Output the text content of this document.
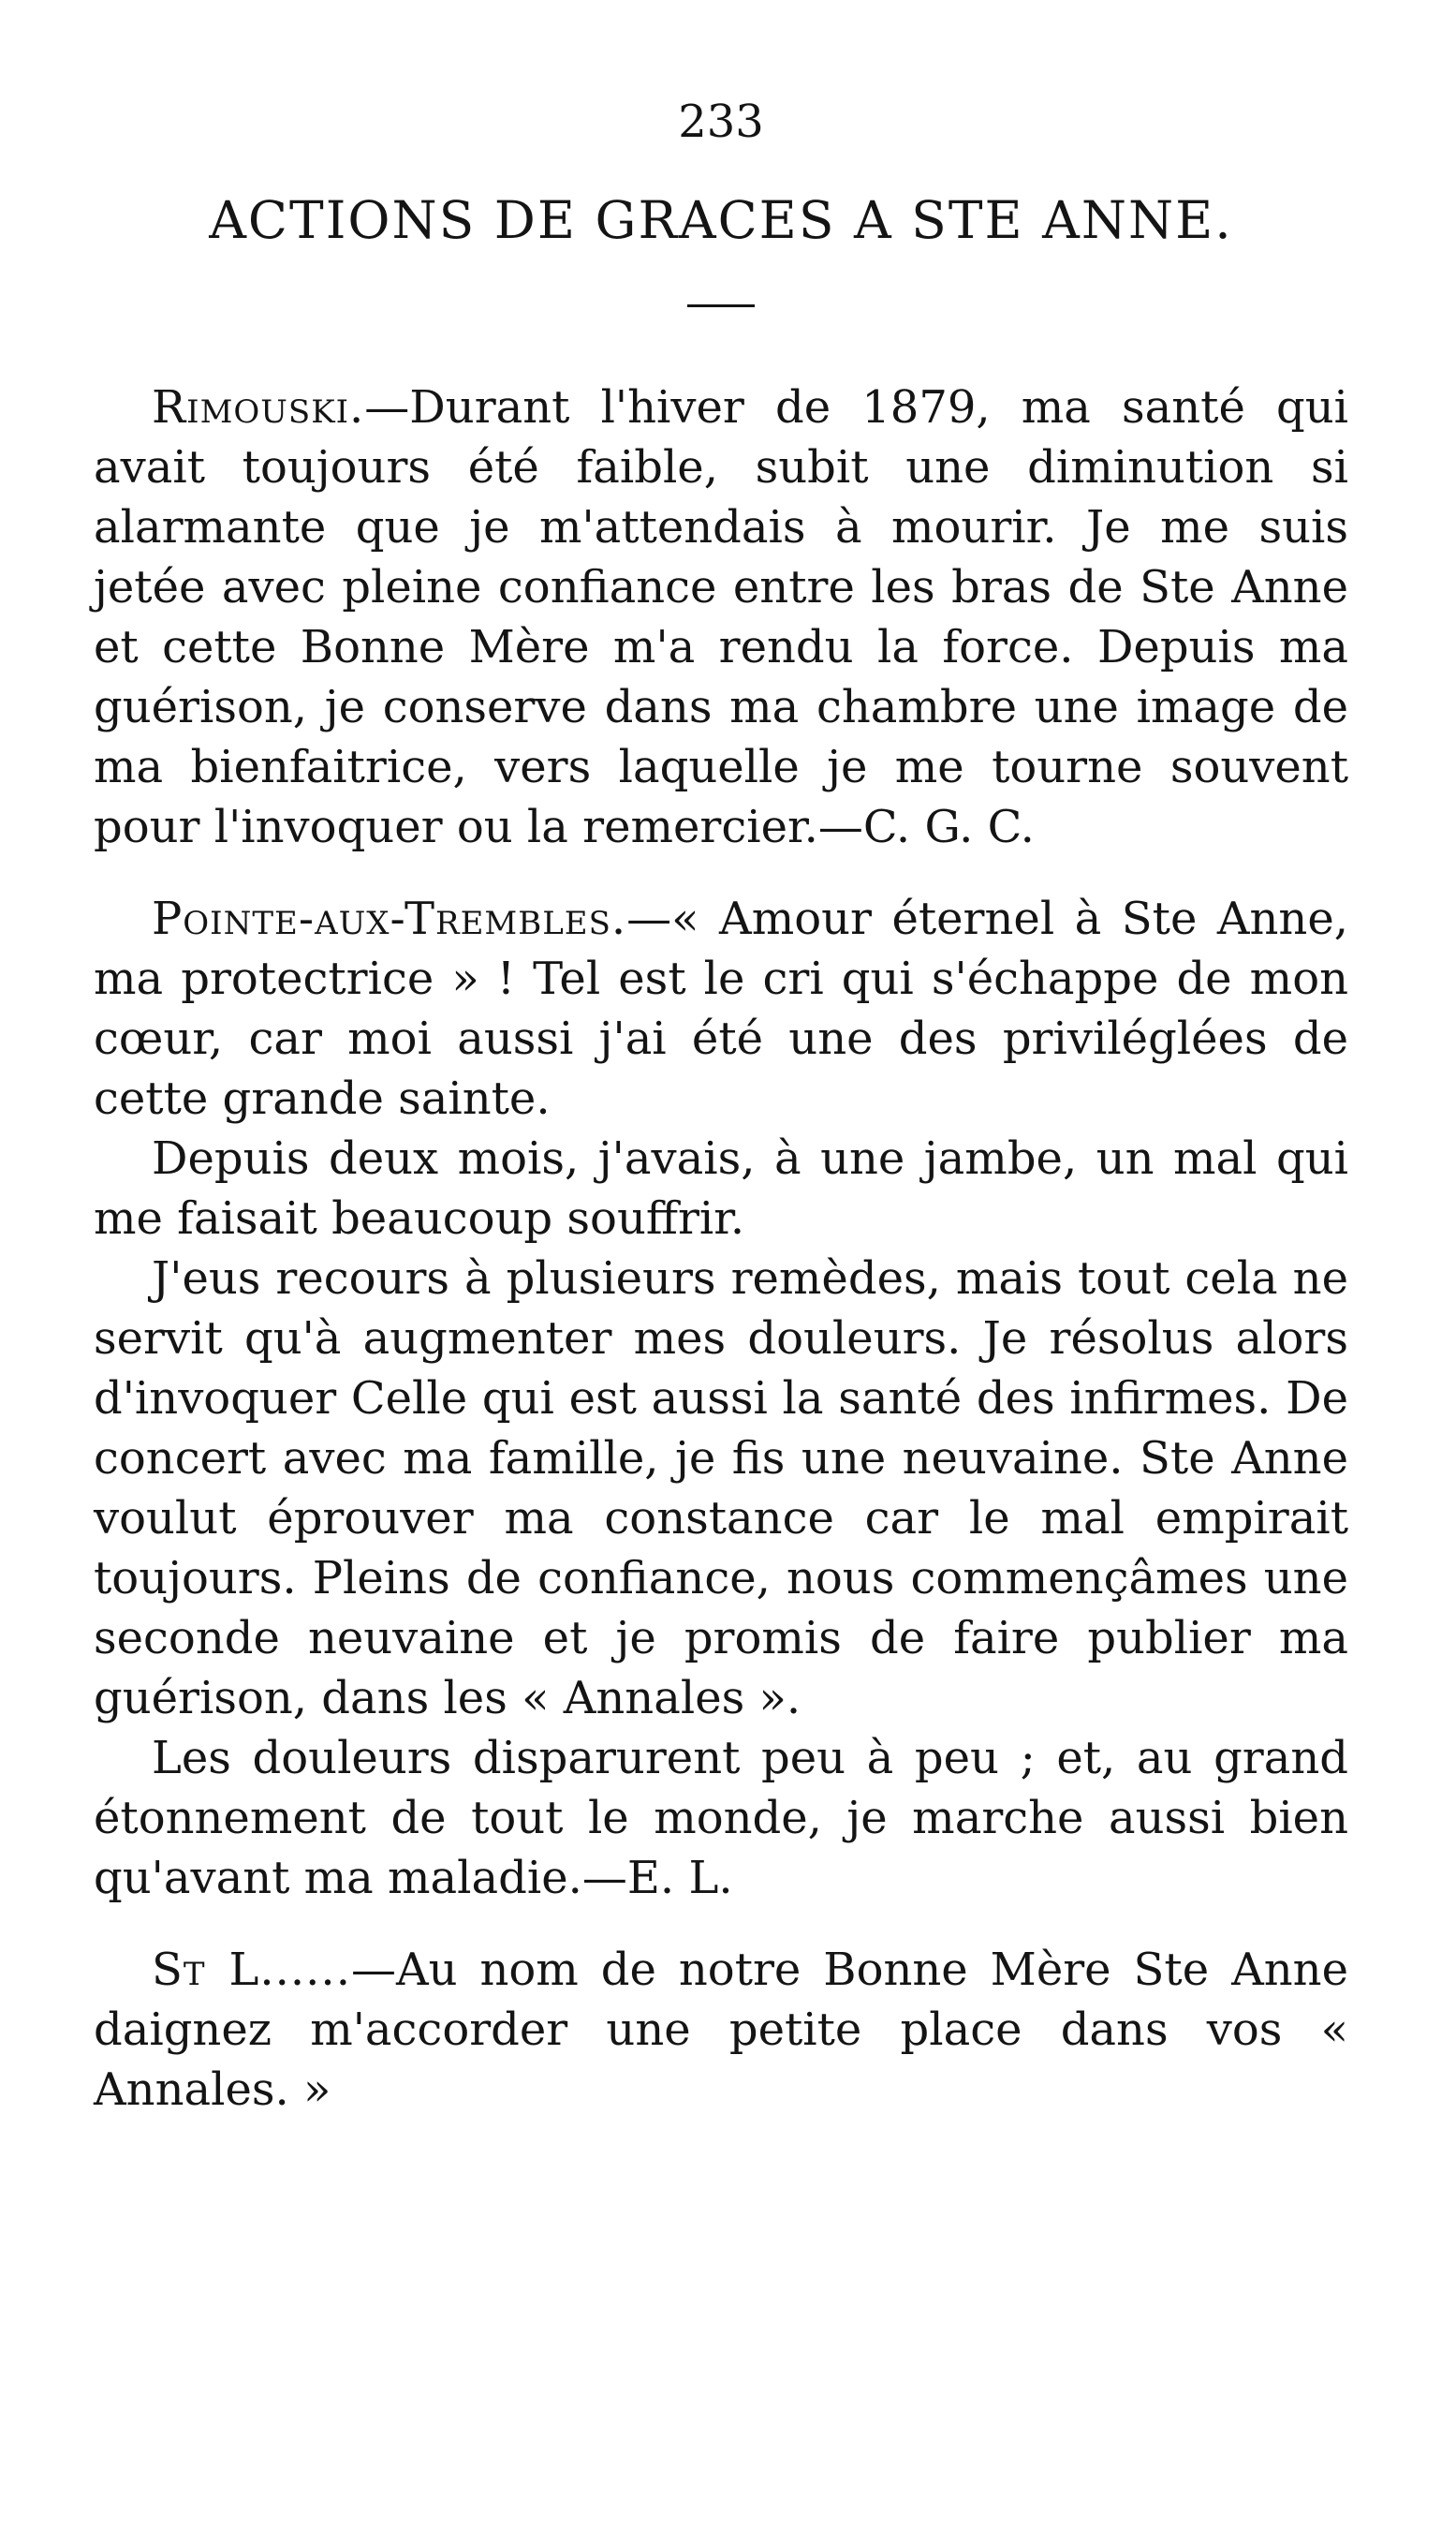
233
ACTIONS DE GRACES A STE ANNE.

Rimouski.—Durant l'hiver de 1879, ma santé qui avait toujours été faible, subit une diminution si alarmante que je m'attendais à mourir. Je me suis jetée avec pleine confiance entre les bras de Ste Anne et cette Bonne Mère m'a rendu la force. Depuis ma guérison, je conserve dans ma chambre une image de ma bienfaitrice, vers laquelle je me tourne souvent pour l'invoquer ou la remercier.—C. G. C.

Pointe-aux-Trembles.—« Amour éternel à Ste Anne, ma protectrice » ! Tel est le cri qui s'échappe de mon cœur, car moi aussi j'ai été une des priviléglées de cette grande sainte.

Depuis deux mois, j'avais, à une jambe, un mal qui me faisait beaucoup souffrir.

J'eus recours à plusieurs remèdes, mais tout cela ne servit qu'à augmenter mes douleurs. Je résolus alors d'invoquer Celle qui est aussi la santé des infirmes. De concert avec ma famille, je fis une neuvaine. Ste Anne voulut éprouver ma constance car le mal empirait toujours. Pleins de confiance, nous commençâmes une seconde neuvaine et je promis de faire publier ma guérison, dans les « Annales ».

Les douleurs disparurent peu à peu ; et, au grand étonnement de tout le monde, je marche aussi bien qu'avant ma maladie.—E. L.

St L......—Au nom de notre Bonne Mère Ste Anne daignez m'accorder une petite place dans vos « Annales. »
